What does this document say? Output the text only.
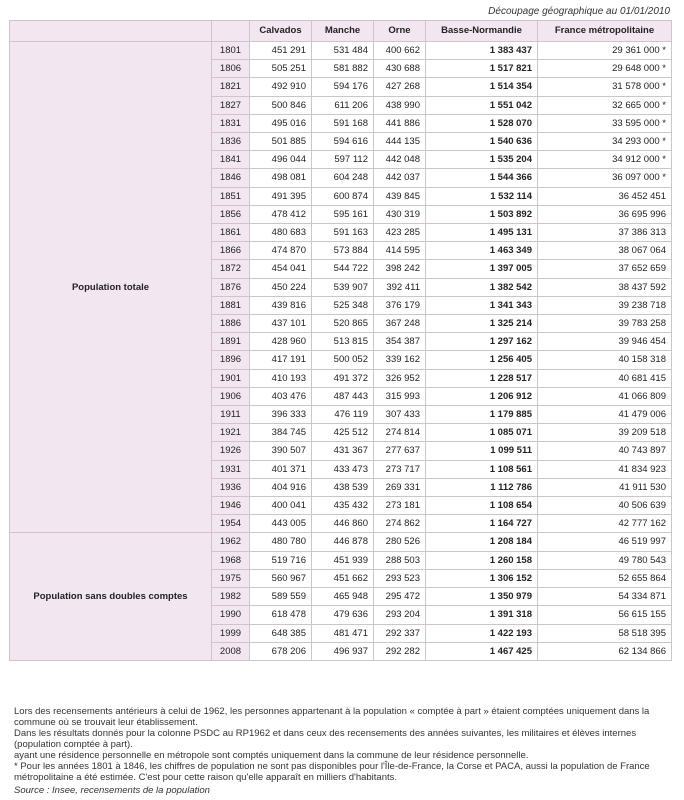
Découpage géographique au 01/01/2010
		Calvados	Manche	Orne	Basse-Normandie	France métropolitaine
Population totale	1801	451 291	531 484	400 662	1 383 437	29 361 000 *
	1806	505 251	581 882	430 688	1 517 821	29 648 000 *
	1821	492 910	594 176	427 268	1 514 354	31 578 000 *
	1827	500 846	611 206	438 990	1 551 042	32 665 000 *
	1831	495 016	591 168	441 886	1 528 070	33 595 000 *
	1836	501 885	594 616	444 135	1 540 636	34 293 000 *
	1841	496 044	597 112	442 048	1 535 204	34 912 000 *
	1846	498 081	604 248	442 037	1 544 366	36 097 000 *
	1851	491 395	600 874	439 845	1 532 114	36 452 451
	1856	478 412	595 161	430 319	1 503 892	36 695 996
	1861	480 683	591 163	423 285	1 495 131	37 386 313
	1866	474 870	573 884	414 595	1 463 349	38 067 064
	1872	454 041	544 722	398 242	1 397 005	37 652 659
	1876	450 224	539 907	392 411	1 382 542	38 437 592
	1881	439 816	525 348	376 179	1 341 343	39 238 718
	1886	437 101	520 865	367 248	1 325 214	39 783 258
	1891	428 960	513 815	354 387	1 297 162	39 946 454
	1896	417 191	500 052	339 162	1 256 405	40 158 318
	1901	410 193	491 372	326 952	1 228 517	40 681 415
	1906	403 476	487 443	315 993	1 206 912	41 066 809
	1911	396 333	476 119	307 433	1 179 885	41 479 006
	1921	384 745	425 512	274 814	1 085 071	39 209 518
	1926	390 507	431 367	277 637	1 099 511	40 743 897
	1931	401 371	433 473	273 717	1 108 561	41 834 923
	1936	404 916	438 539	269 331	1 112 786	41 911 530
	1946	400 041	435 432	273 181	1 108 654	40 506 639
	1954	443 005	446 860	274 862	1 164 727	42 777 162
Population sans doubles comptes	1962	480 780	446 878	280 526	1 208 184	46 519 997
	1968	519 716	451 939	288 503	1 260 158	49 780 543
	1975	560 967	451 662	293 523	1 306 152	52 655 864
	1982	589 559	465 948	295 472	1 350 979	54 334 871
	1990	618 478	479 636	293 204	1 391 318	56 615 155
	1999	648 385	481 471	292 337	1 422 193	58 518 395
	2008	678 206	496 937	292 282	1 467 425	62 134 866

Lors des recensements antérieurs à celui de 1962, les personnes appartenant à la population « comptée à part » étaient comptées uniquement dans la commune où se trouvait leur établissement.

Dans les résultats donnés pour la colonne PSDC au RP1962 et dans ceux des recensements des années suivantes, les militaires et élèves internes (population comptée à part).

ayant une résidence personnelle en métropole sont comptés uniquement dans la commune de leur résidence personnelle.

* Pour les années 1801 à 1846, les chiffres de population ne sont pas disponibles pour l'Île-de-France, la Corse et PACA, aussi la population de France métropolitaine a été estimée. C'est pour cette raison qu'elle apparaît en milliers d'habitants.

Source : Insee, recensements de la population
